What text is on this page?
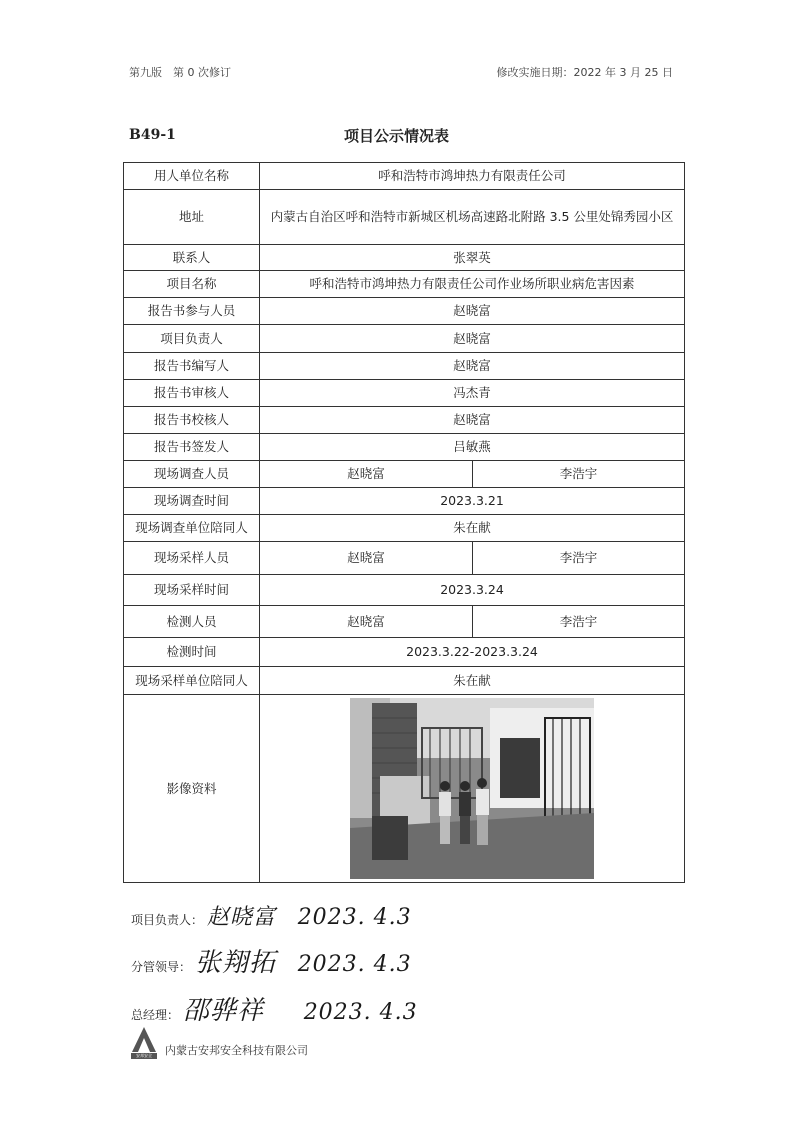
第九版　第 0 次修订	修改实施日期：2022 年 3 月 25 日
B49-1	项目公示情况表
用人单位名称	呼和浩特市鸿坤热力有限责任公司	
地址	内蒙古自治区呼和浩特市新城区机场高速路北附路 3.5 公里处锦秀园小区	
联系人	张翠英	
项目名称	呼和浩特市鸿坤热力有限责任公司作业场所职业病危害因素	
报告书参与人员	赵晓富	
项目负责人	赵晓富	
报告书编写人	赵晓富	
报告书审核人	冯杰青	
报告书校核人	赵晓富	
报告书签发人	吕敏燕	
现场调查人员	赵晓富	李浩宇
现场调查时间	2023.3.21	
现场调查单位陪同人	朱在献	
现场采样人员	赵晓富	李浩宇
现场采样时间	2023.3.24	
检测人员	赵晓富	李浩宇
检测时间	2023.3.22-2023.3.24	
现场采样单位陪同人	朱在献	
影像资料	
项目负责人： 赵晓富 2023. 4.3
分管领导： 张翔拓 2023. 4.3
总经理： 邵骅祥 2023. 4.3
安邦安全	内蒙古安邦安全科技有限公司
